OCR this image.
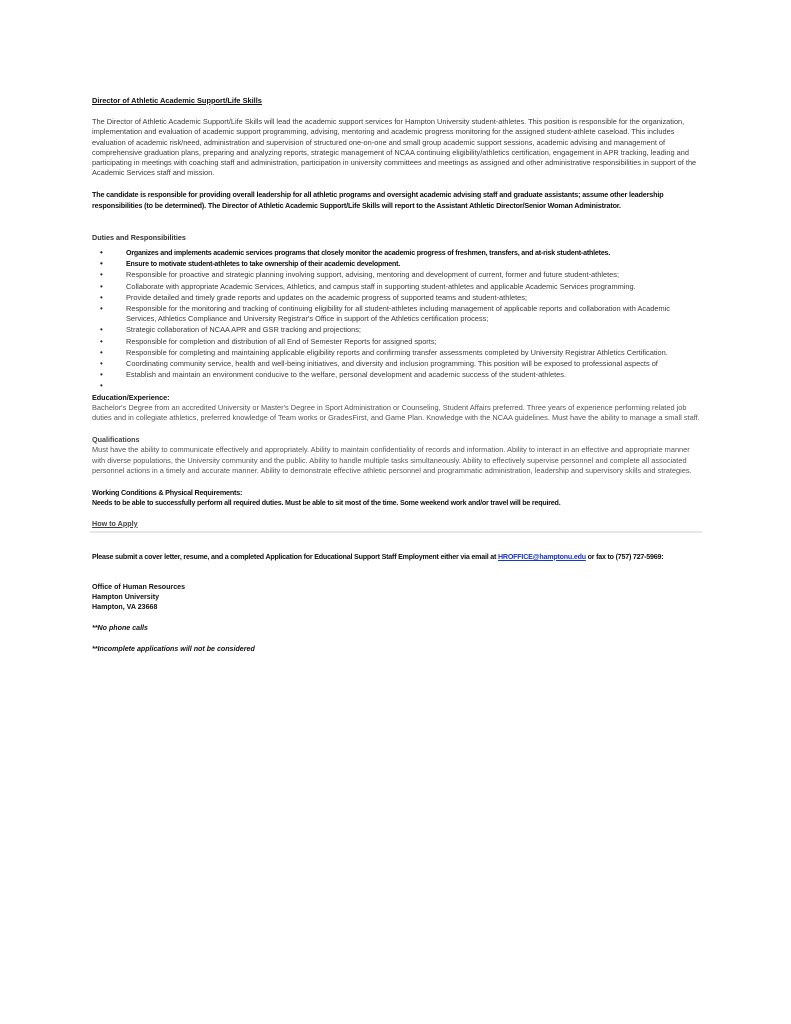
Director of Athletic Academic Support/Life Skills

The Director of Athletic Academic Support/Life Skills will lead the academic support services for Hampton University student-athletes. This position is responsible for the organization, implementation and evaluation of academic support programming, advising, mentoring and academic progress monitoring for the assigned student-athlete caseload. This includes evaluation of academic risk/need, administration and supervision of structured one-on-one and small group academic support sessions, academic advising and management of comprehensive graduation plans, preparing and analyzing reports, strategic management of NCAA continuing eligibility/athletics certification, engagement in APR tracking, leading and participating in meetings with coaching staff and administration, participation in university committees and meetings as assigned and other administrative responsibilities in support of the Academic Services staff and mission.

The candidate is responsible for providing overall leadership for all athletic programs and oversight academic advising staff and graduate assistants; assume other leadership responsibilities (to be determined). The Director of Athletic Academic Support/Life Skills will report to the Assistant Athletic Director/Senior Woman Administrator.

Duties and Responsibilities

•	Organizes and implements academic services programs that closely monitor the academic progress of freshmen, transfers, and at-risk student-athletes.
•	Ensure to motivate student-athletes to take ownership of their academic development.
•	Responsible for proactive and strategic planning involving support, advising, mentoring and development of current, former and future student-athletes;
•	Collaborate with appropriate Academic Services, Athletics, and campus staff in supporting student-athletes and applicable Academic Services programming.
•	Provide detailed and timely grade reports and updates on the academic progress of supported teams and student-athletes;
•	Responsible for the monitoring and tracking of continuing eligibility for all student-athletes including management of applicable reports and collaboration with Academic Services, Athletics Compliance and University Registrar's Office in support of the Athletics certification process;
•	Strategic collaboration of NCAA APR and GSR tracking and projections;
•	Responsible for completion and distribution of all End of Semester Reports for assigned sports;
•	Responsible for completing and maintaining applicable eligibility reports and confirming transfer assessments completed by University Registrar Athletics Certification.
•	Coordinating community service, health and well-being initiatives, and diversity and inclusion programming. This position will be exposed to professional aspects of
•	Establish and maintain an environment conducive to the welfare, personal development and academic success of the student-athletes.
•

Education/Experience:

Bachelor's Degree from an accredited University or Master's Degree in Sport Administration or Counseling, Student Affairs preferred. Three years of experience performing related job duties and in collegiate athletics, preferred knowledge of Team works or GradesFirst, and Game Plan. Knowledge with the NCAA guidelines. Must have the ability to manage a small staff.

Qualifications

Must have the ability to communicate effectively and appropriately. Ability to maintain confidentiality of records and information. Ability to interact in an effective and appropriate manner with diverse populations, the University community and the public. Ability to handle multiple tasks simultaneously. Ability to effectively supervise personnel and complete all associated personnel actions in a timely and accurate manner. Ability to demonstrate effective athletic personnel and programmatic administration, leadership and supervisory skills and strategies.

Working Conditions & Physical Requirements:

Needs to be able to successfully perform all required duties. Must be able to sit most of the time. Some weekend work and/or travel will be required.

How to Apply

Please submit a cover letter, resume, and a completed Application for Educational Support Staff Employment either via email at HROFFICE@hamptonu.edu or fax to (757) 727-5969:

Office of Human Resources
Hampton University
Hampton, VA 23668

**No phone calls

**Incomplete applications will not be considered
